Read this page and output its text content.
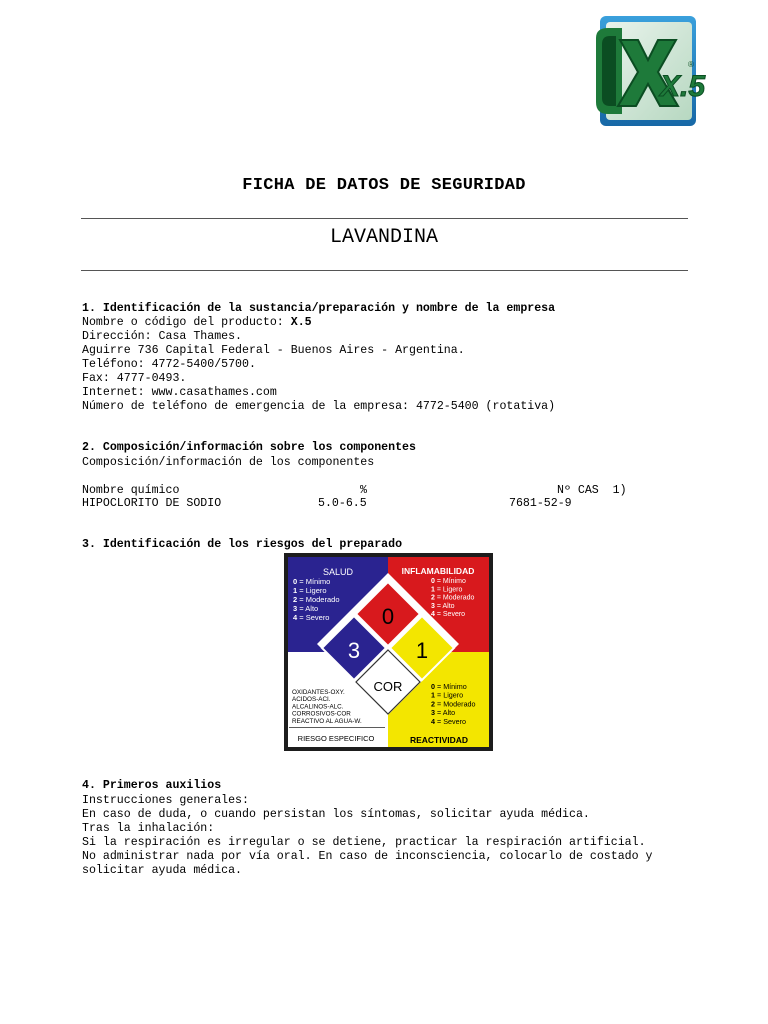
X.5
®
FICHA DE DATOS DE SEGURIDAD
LAVANDINA
1. Identificación de la sustancia/preparación y nombre de la empresa
Nombre o código del producto: X.5
Dirección: Casa Thames.
Aguirre 736 Capital Federal - Buenos Aires - Argentina.
Teléfono: 4772-5400/5700.
Fax: 4777-0493.
Internet: www.casathames.com
Número de teléfono de emergencia de la empresa: 4772-5400 (rotativa)
2. Composición/información sobre los componentes
Composición/información de los componentes
Nombre químico	%	Nº CAS  1)
HIPOCLORITO DE SODIO	5.0-6.5	7681-52-9
3. Identificación de los riesgos del preparado
SALUD	INFLAMABILIDAD
REACTIVIDAD
RIESGO ESPECIFICO
0
3	1
COR
0 = Mínimo
1 = Ligero
2 = Moderado
3 = Alto
4 = Severo
0 = Mínimo
1 = Ligero
2 = Moderado
3 = Alto
4 = Severo
0 = Mínimo
1 = Ligero
2 = Moderado
3 = Alto
4 = Severo
OXIDANTES-OXY.
ACIDOS-ACI.
ALCALINOS-ALC.
CORROSIVOS-COR
REACTIVO AL AGUA-W.
4. Primeros auxilios
Instrucciones generales:
En caso de duda, o cuando persistan los síntomas, solicitar ayuda médica.
Tras la inhalación:
Si la respiración es irregular o se detiene, practicar la respiración artificial.
No administrar nada por vía oral. En caso de inconsciencia, colocarlo de costado y
solicitar ayuda médica.
